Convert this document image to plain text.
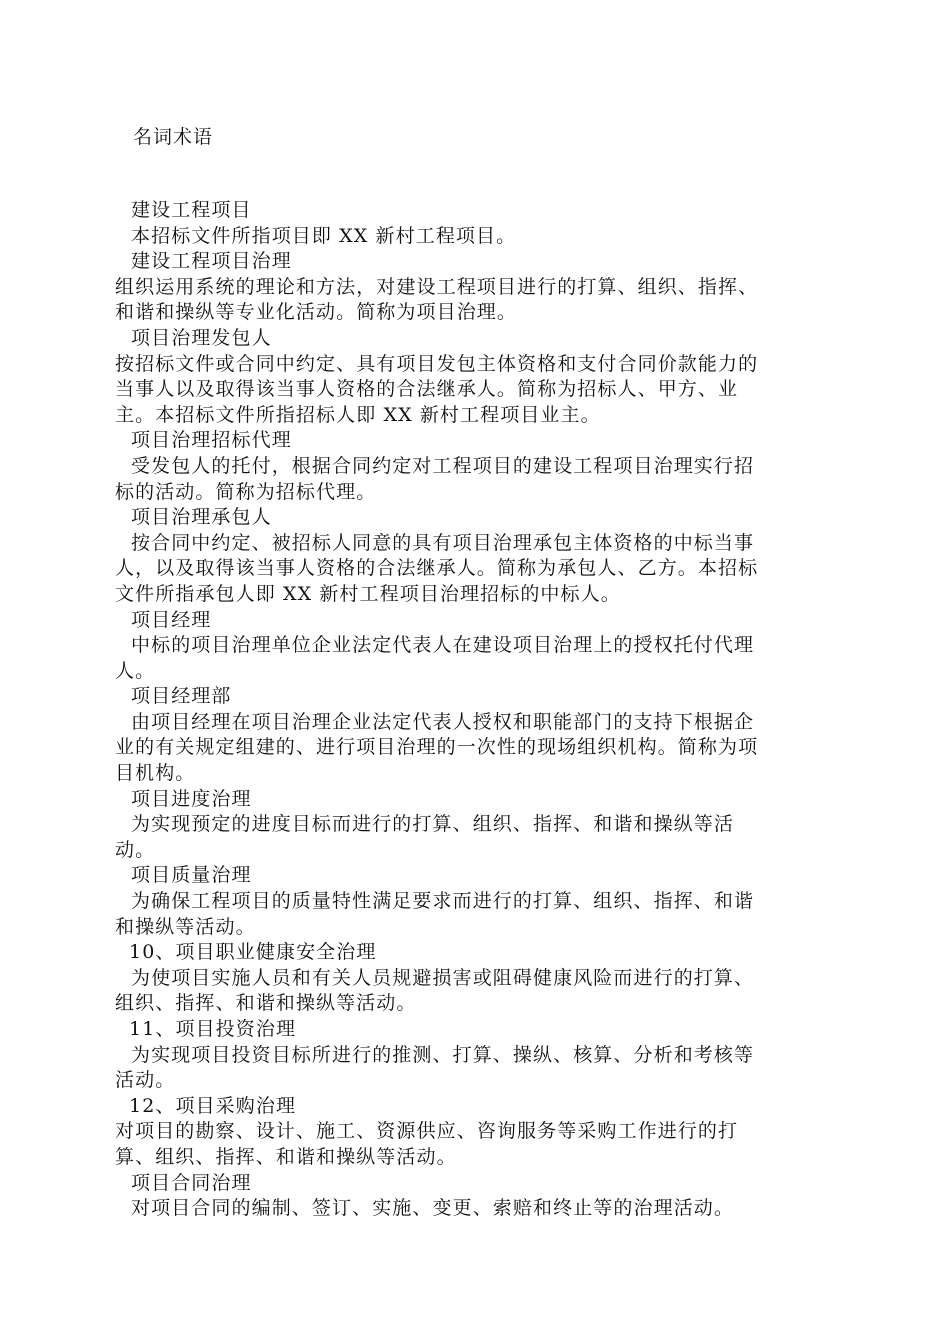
名词术语

建设工程项目

本招标文件所指项目即 XX 新村工程项目。

建设工程项目治理

组织运用系统的理论和方法，对建设工程项目进行的打算、组织、指挥、

和谐和操纵等专业化活动。简称为项目治理。

项目治理发包人

按招标文件或合同中约定、具有项目发包主体资格和支付合同价款能力的

当事人以及取得该当事人资格的合法继承人。简称为招标人、甲方、业

主。本招标文件所指招标人即 XX 新村工程项目业主。

项目治理招标代理

受发包人的托付，根据合同约定对工程项目的建设工程项目治理实行招

标的活动。简称为招标代理。

项目治理承包人

按合同中约定、被招标人同意的具有项目治理承包主体资格的中标当事

人，以及取得该当事人资格的合法继承人。简称为承包人、乙方。本招标

文件所指承包人即 XX 新村工程项目治理招标的中标人。

项目经理

中标的项目治理单位企业法定代表人在建设项目治理上的授权托付代理

人。

项目经理部

由项目经理在项目治理企业法定代表人授权和职能部门的支持下根据企

业的有关规定组建的、进行项目治理的一次性的现场组织机构。简称为项

目机构。

项目进度治理

为实现预定的进度目标而进行的打算、组织、指挥、和谐和操纵等活

动。

项目质量治理

为确保工程项目的质量特性满足要求而进行的打算、组织、指挥、和谐

和操纵等活动。

10、项目职业健康安全治理

为使项目实施人员和有关人员规避损害或阻碍健康风险而进行的打算、

组织、指挥、和谐和操纵等活动。

11、项目投资治理

为实现项目投资目标所进行的推测、打算、操纵、核算、分析和考核等

活动。

12、项目采购治理

对项目的勘察、设计、施工、资源供应、咨询服务等采购工作进行的打

算、组织、指挥、和谐和操纵等活动。

项目合同治理

对项目合同的编制、签订、实施、变更、索赔和终止等的治理活动。
